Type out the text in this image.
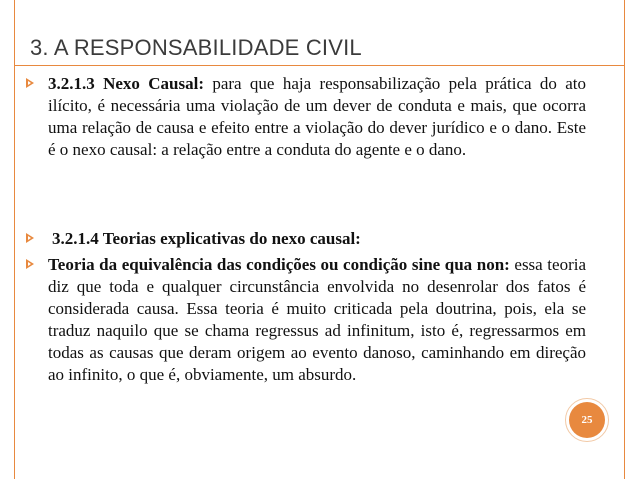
3. A RESPONSABILIDADE CIVIL
3.2.1.3 Nexo Causal: para que haja responsabilização pela prática do ato ilícito, é necessária uma violação de um dever de conduta e mais, que ocorra uma relação de causa e efeito entre a violação do dever jurídico e o dano. Este é o nexo causal: a relação entre a conduta do agente e o dano.
3.2.1.4 Teorias explicativas do nexo causal:
Teoria da equivalência das condições ou condição sine qua non: essa teoria diz que toda e qualquer circunstância envolvida no desenrolar dos fatos é considerada causa. Essa teoria é muito criticada pela doutrina, pois, ela se traduz naquilo que se chama regressus ad infinitum, isto é, regressarmos em todas as causas que deram origem ao evento danoso, caminhando em direção ao infinito, o que é, obviamente, um absurdo.
25
